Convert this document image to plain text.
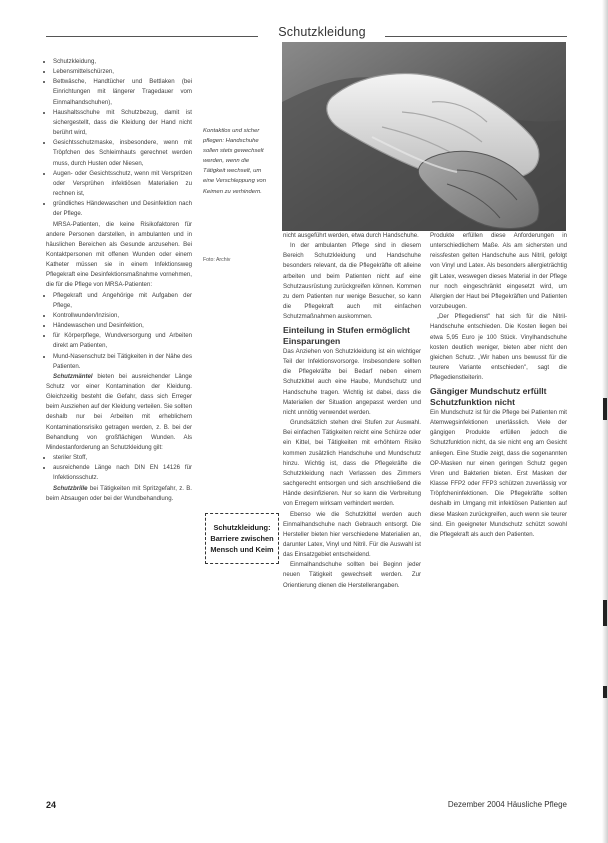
Schutzkleidung
• Schutzkleidung,
• Lebensmittelschürzen,
• Bettwäsche, Handtücher und Bettlaken (bei Einrichtungen mit längerer Tragedauer vom Einmalhandschuhen),
• Haushaltsschuhe mit Schutzbezug, damit ist sichergestellt, dass die Kleidung der Hand nicht berührt wird,
• Gesichtsschutzmaske, insbesondere, wenn mit Tröpfchen des Schleimhauts gerechnet werden muss, durch Husten oder Niesen,
• Augen- oder Gesichtsschutz, wenn mit Verspritzen oder Versprühen infektiösen Materialien zu rechnen ist,
• gründliches Händewaschen und Desinfektion nach der Pflege.

MRSA-Patienten, die keine Risikofaktoren für andere Personen darstellen, in ambulanten und in häuslichen Bereichen als Gesunde anzusehen. Bei Kontaktpersonen mit offenen Wunden oder einem Katheter müssen sie in einem Infektionsweg Pflegekraft eine Desinfektionsmaßnahme vornehmen, die für die Pflege von MRSA-Patienten:

• Pflegekraft und Angehörige mit Aufgaben der Pflege,
• Kontrollwunden/Inzision,
• Händewaschen und Desinfektion,
• für Körperpflege, Wundversorgung und Arbeiten direkt am Patienten,
• Mund-Nasenschutz bei Tätigkeiten in der Nähe des Patienten.

Schutzmäntel bieten bei ausreichender Länge Schutz vor einer Kontamination der Kleidung. Gleichzeitig besteht die Gefahr, dass sich Erreger beim Ausziehen auf der Kleidung verteilen. Sie sollten deshalb nur bei Arbeiten mit erheblichem Kontaminationsrisiko getragen werden, z. B. bei der Behandlung von großflächigen Wunden. Als Mindestanforderung an Schutzkleidung gilt:

• steriler Stoff,
• ausreichende Länge nach DIN EN 14126 für Infektionsschutz.

Schutzbrille bei Tätigkeiten mit Spritzgefahr, z. B. beim Absaugen oder bei der Wundbehandlung.

Kontaktlos und sicher pflegen: Handschuhe sollen stets gewechselt werden, wenn die Tätigkeit wechselt, um eine Verschleppung von Keimen zu verhindern.
Foto: Archiv
Schutzkleidung: Barriere zwischen Mensch und Keim

nicht ausgeführt werden, etwa durch Handschuhe.

In der ambulanten Pflege sind in diesem Bereich Schutzkleidung und Handschuhe besonders relevant, da die Pflegekräfte oft alleine arbeiten und beim Patienten nicht auf eine Schutzausrüstung zurückgreifen können. Kommen zu dem Patienten nur wenige Besucher, so kann die Pflegekraft auch mit einfachen Schutzmaßnahmen auskommen.

Einteilung in Stufen ermöglicht Einsparungen

Das Anziehen von Schutzkleidung ist ein wichtiger Teil der Infektionsvorsorge. Insbesondere sollten die Pflegekräfte bei Bedarf neben einem Schutzkittel auch eine Haube, Mundschutz und Handschuhe tragen. Wichtig ist dabei, dass die Materialien der Situation angepasst werden und nicht unnötig verwendet werden.

Grundsätzlich stehen drei Stufen zur Auswahl. Bei einfachen Tätigkeiten reicht eine Schürze oder ein Kittel, bei Tätigkeiten mit erhöhtem Risiko kommen zusätzlich Handschuhe und Mundschutz hinzu. Wichtig ist, dass die Pflegekräfte die Schutzkleidung nach Verlassen des Zimmers sachgerecht entsorgen und sich anschließend die Hände desinfizieren. Nur so kann die Verbreitung von Erregern wirksam verhindert werden.

Ebenso wie die Schutzkittel werden auch Einmalhandschuhe nach Gebrauch entsorgt. Die Hersteller bieten hier verschiedene Materialien an, darunter Latex, Vinyl und Nitril. Für die Auswahl ist das Einsatzgebiet entscheidend.

Einmalhandschuhe sollten bei Beginn jeder neuen Tätigkeit gewechselt werden. Zur Orientierung dienen die Herstellerangaben.

Produkte erfüllen diese Anforderungen in unterschiedlichem Maße. Als am sichersten und reissfesten gelten Handschuhe aus Nitril, gefolgt von Vinyl und Latex. Als besonders allergieträchtig gilt Latex, weswegen dieses Material in der Pflege nur noch eingeschränkt eingesetzt wird, um Allergien der Haut bei Pflegekräften und Patienten vorzubeugen.

„Der Pflegedienst" hat sich für die Nitril-Handschuhe entschieden. Die Kosten liegen bei etwa 5,95 Euro je 100 Stück. Vinylhandschuhe kosten deutlich weniger, bieten aber nicht den gleichen Schutz. „Wir haben uns bewusst für die teurere Variante entschieden", sagt die Pflegedienstleiterin.

Gängiger Mundschutz erfüllt Schutzfunktion nicht

Ein Mundschutz ist für die Pflege bei Patienten mit Atemwegsinfektionen unerlässlich. Viele der gängigen Produkte erfüllen jedoch die Schutzfunktion nicht, da sie nicht eng am Gesicht anliegen. Eine Studie zeigt, dass die sogenannten OP-Masken nur einen geringen Schutz gegen Viren und Bakterien bieten. Erst Masken der Klasse FFP2 oder FFP3 schützen zuverlässig vor Tröpfcheninfektionen. Die Pflegekräfte sollten deshalb im Umgang mit infektiösen Patienten auf diese Masken zurückgreifen, auch wenn sie teurer sind. Ein geeigneter Mundschutz schützt sowohl die Pflegekraft als auch den Patienten.

24	Dezember 2004 Häusliche Pflege
